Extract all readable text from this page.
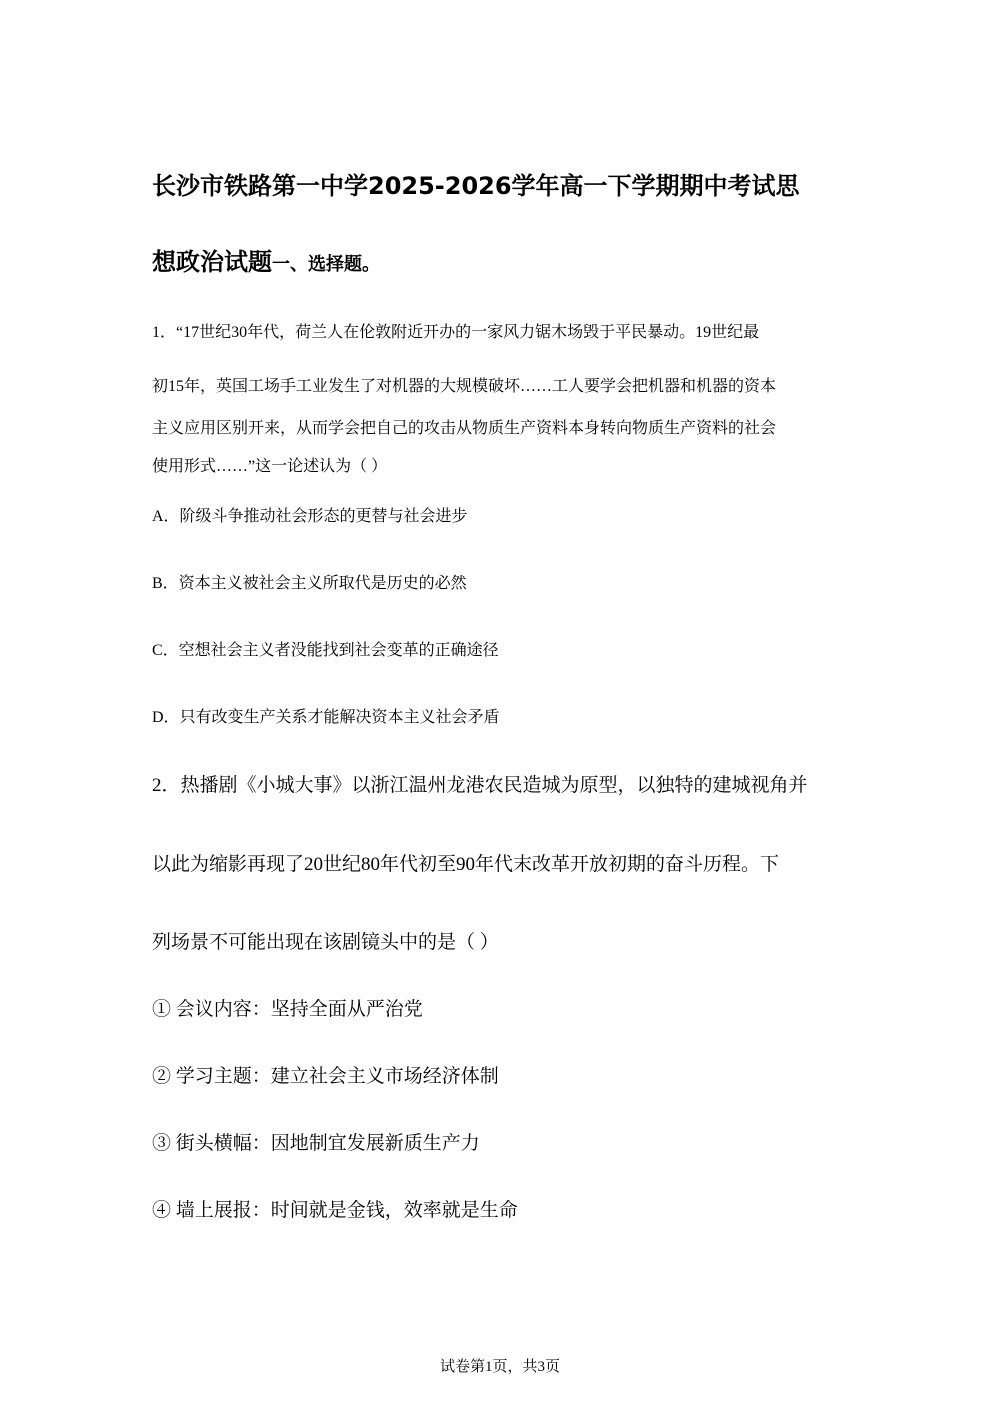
长沙市铁路第一中学2025-2026学年高一下学期期中考试思
想政治试题一、选择题。
1．“17世纪30年代，荷兰人在伦敦附近开办的一家风力锯木场毁于平民暴动。19世纪最
初15年，英国工场手工业发生了对机器的大规模破坏……工人要学会把机器和机器的资本
主义应用区别开来，从而学会把自己的攻击从物质生产资料本身转向物质生产资料的社会
使用形式……”这一论述认为（ ）
A．阶级斗争推动社会形态的更替与社会进步
B．资本主义被社会主义所取代是历史的必然
C．空想社会主义者没能找到社会变革的正确途径
D．只有改变生产关系才能解决资本主义社会矛盾
2．热播剧《小城大事》以浙江温州龙港农民造城为原型，以独特的建城视角并
以此为缩影再现了20世纪80年代初至90年代末改革开放初期的奋斗历程。下
列场景不可能出现在该剧镜头中的是（ ）
① 会议内容：坚持全面从严治党
② 学习主题：建立社会主义市场经济体制
③ 街头横幅：因地制宜发展新质生产力
④ 墙上展报：时间就是金钱，效率就是生命
试卷第1页，共3页
